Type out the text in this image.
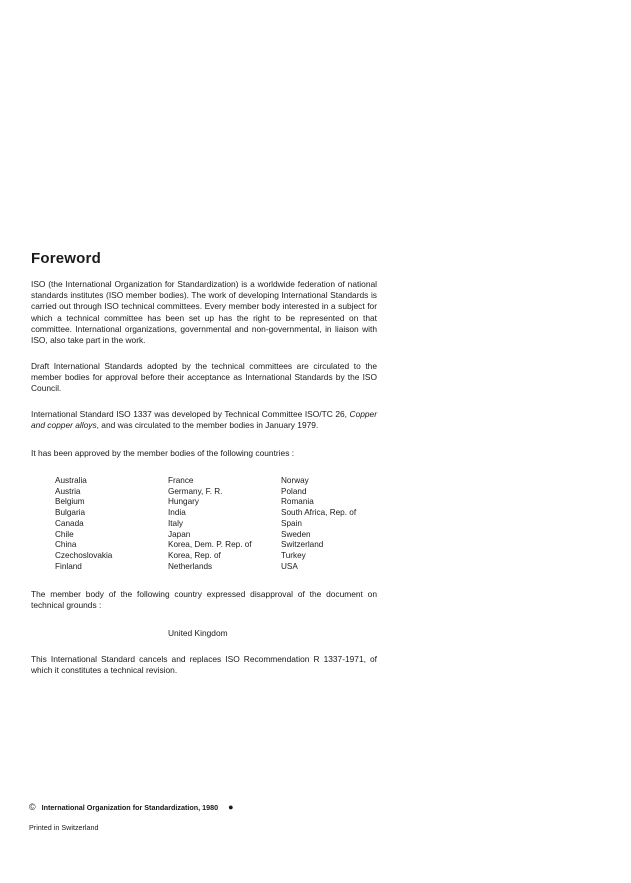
Foreword

ISO (the International Organization for Standardization) is a worldwide federation of national standards institutes (ISO member bodies). The work of developing International Standards is carried out through ISO technical committees. Every member body interested in a subject for which a technical committee has been set up has the right to be represented on that committee. International organizations, governmental and non-governmental, in liaison with ISO, also take part in the work.

Draft International Standards adopted by the technical committees are circulated to the member bodies for approval before their acceptance as International Standards by the ISO Council.

International Standard ISO 1337 was developed by Technical Committee ISO/TC 26, Copper and copper alloys, and was circulated to the member bodies in January 1979.

It has been approved by the member bodies of the following countries :

Australia
Austria
Belgium
Bulgaria
Canada
Chile
China
Czechoslovakia
Finland
France
Germany, F. R.
Hungary
India
Italy
Japan
Korea, Dem. P. Rep. of
Korea, Rep. of
Netherlands
Norway
Poland
Romania
South Africa, Rep. of
Spain
Sweden
Switzerland
Turkey
USA

The member body of the following country expressed disapproval of the document on technical grounds :

United Kingdom

This International Standard cancels and replaces ISO Recommendation R 1337-1971, of which it constitutes a technical revision.

© International Organization for Standardization, 1980 ●
Printed in Switzerland
